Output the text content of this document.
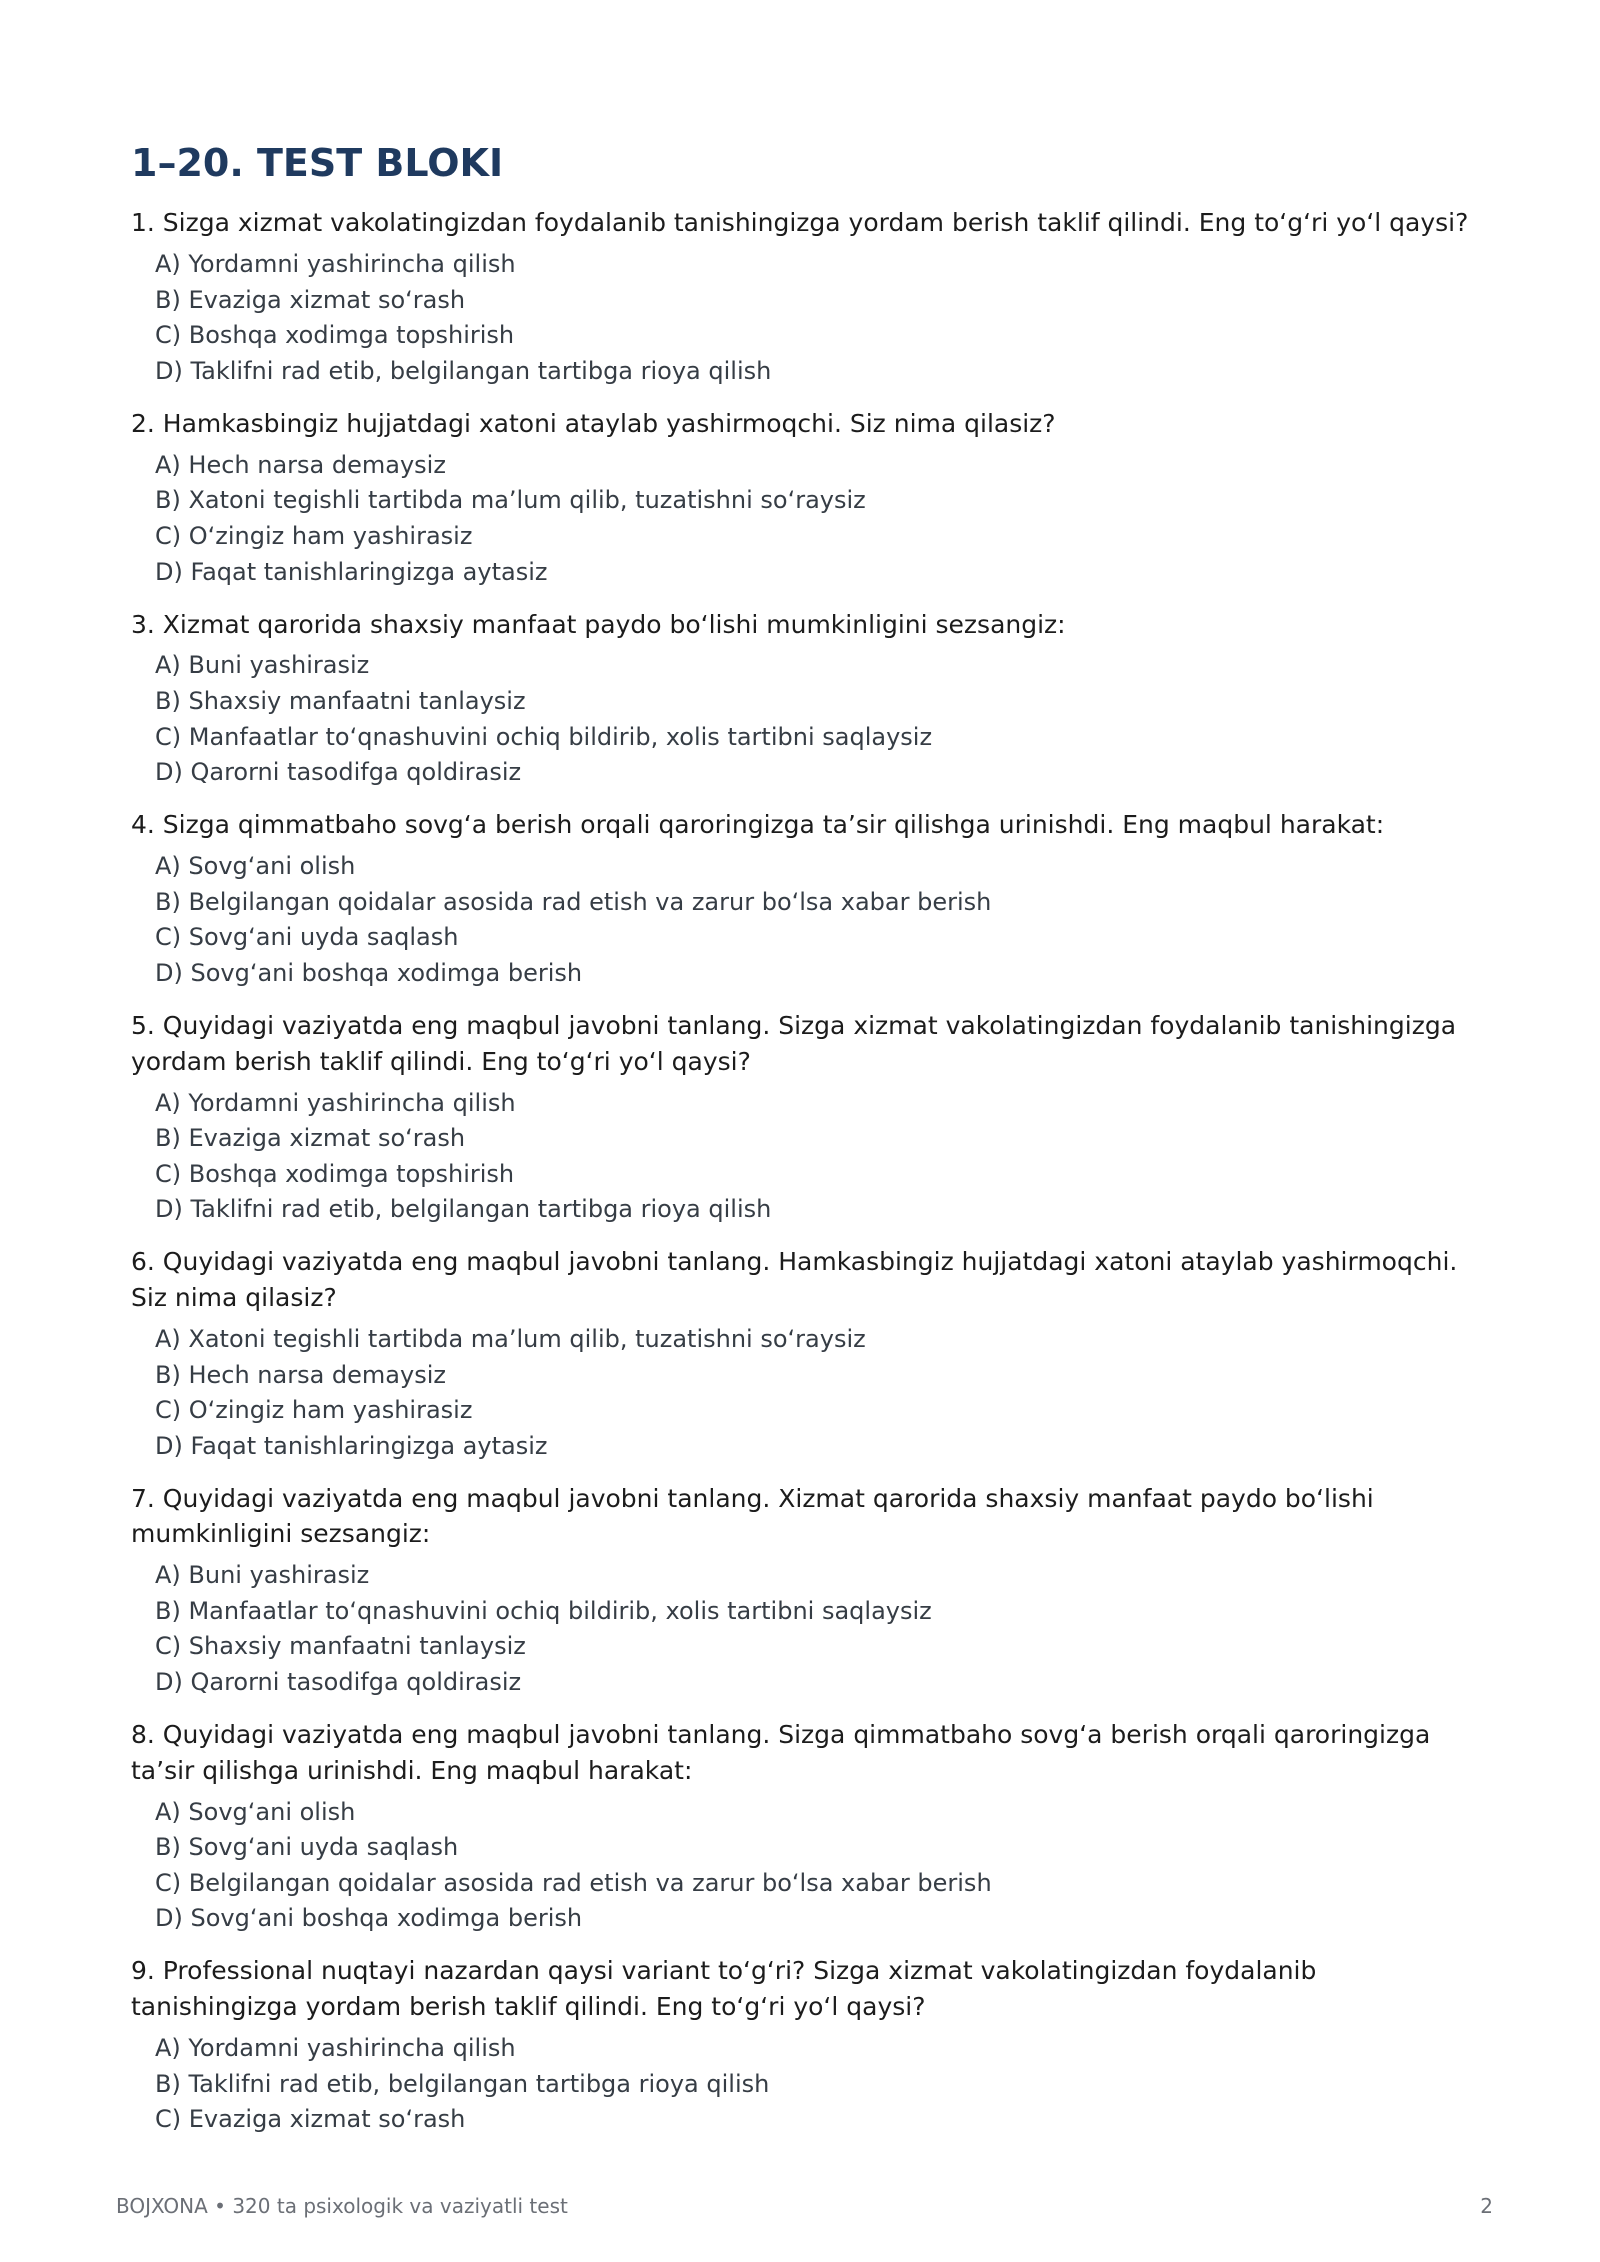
1–20. TEST BLOKI

1. Sizga xizmat vakolatingizdan foydalanib tanishingizga yordam berish taklif qilindi. Eng to‘g‘ri yo‘l qaysi?

A) Yordamni yashirincha qilish
B) Evaziga xizmat so‘rash
C) Boshqa xodimga topshirish
D) Taklifni rad etib, belgilangan tartibga rioya qilish

2. Hamkasbingiz hujjatdagi xatoni ataylab yashirmoqchi. Siz nima qilasiz?

A) Hech narsa demaysiz
B) Xatoni tegishli tartibda ma’lum qilib, tuzatishni so‘raysiz
C) O‘zingiz ham yashirasiz
D) Faqat tanishlaringizga aytasiz

3. Xizmat qarorida shaxsiy manfaat paydo bo‘lishi mumkinligini sezsangiz:

A) Buni yashirasiz
B) Shaxsiy manfaatni tanlaysiz
C) Manfaatlar to‘qnashuvini ochiq bildirib, xolis tartibni saqlaysiz
D) Qarorni tasodifga qoldirasiz

4. Sizga qimmatbaho sovg‘a berish orqali qaroringizga ta’sir qilishga urinishdi. Eng maqbul harakat:

A) Sovg‘ani olish
B) Belgilangan qoidalar asosida rad etish va zarur bo‘lsa xabar berish
C) Sovg‘ani uyda saqlash
D) Sovg‘ani boshqa xodimga berish

5. Quyidagi vaziyatda eng maqbul javobni tanlang. Sizga xizmat vakolatingizdan foydalanib tanishingizga yordam berish taklif qilindi. Eng to‘g‘ri yo‘l qaysi?

A) Yordamni yashirincha qilish
B) Evaziga xizmat so‘rash
C) Boshqa xodimga topshirish
D) Taklifni rad etib, belgilangan tartibga rioya qilish

6. Quyidagi vaziyatda eng maqbul javobni tanlang. Hamkasbingiz hujjatdagi xatoni ataylab yashirmoqchi. Siz nima qilasiz?

A) Xatoni tegishli tartibda ma’lum qilib, tuzatishni so‘raysiz
B) Hech narsa demaysiz
C) O‘zingiz ham yashirasiz
D) Faqat tanishlaringizga aytasiz

7. Quyidagi vaziyatda eng maqbul javobni tanlang. Xizmat qarorida shaxsiy manfaat paydo bo‘lishi mumkinligini sezsangiz:

A) Buni yashirasiz
B) Manfaatlar to‘qnashuvini ochiq bildirib, xolis tartibni saqlaysiz
C) Shaxsiy manfaatni tanlaysiz
D) Qarorni tasodifga qoldirasiz

8. Quyidagi vaziyatda eng maqbul javobni tanlang. Sizga qimmatbaho sovg‘a berish orqali qaroringizga ta’sir qilishga urinishdi. Eng maqbul harakat:

A) Sovg‘ani olish
B) Sovg‘ani uyda saqlash
C) Belgilangan qoidalar asosida rad etish va zarur bo‘lsa xabar berish
D) Sovg‘ani boshqa xodimga berish

9. Professional nuqtayi nazardan qaysi variant to‘g‘ri? Sizga xizmat vakolatingizdan foydalanib tanishingizga yordam berish taklif qilindi. Eng to‘g‘ri yo‘l qaysi?

A) Yordamni yashirincha qilish
B) Taklifni rad etib, belgilangan tartibga rioya qilish
C) Evaziga xizmat so‘rash
BOJXONA • 320 ta psixologik va vaziyatli test	2
